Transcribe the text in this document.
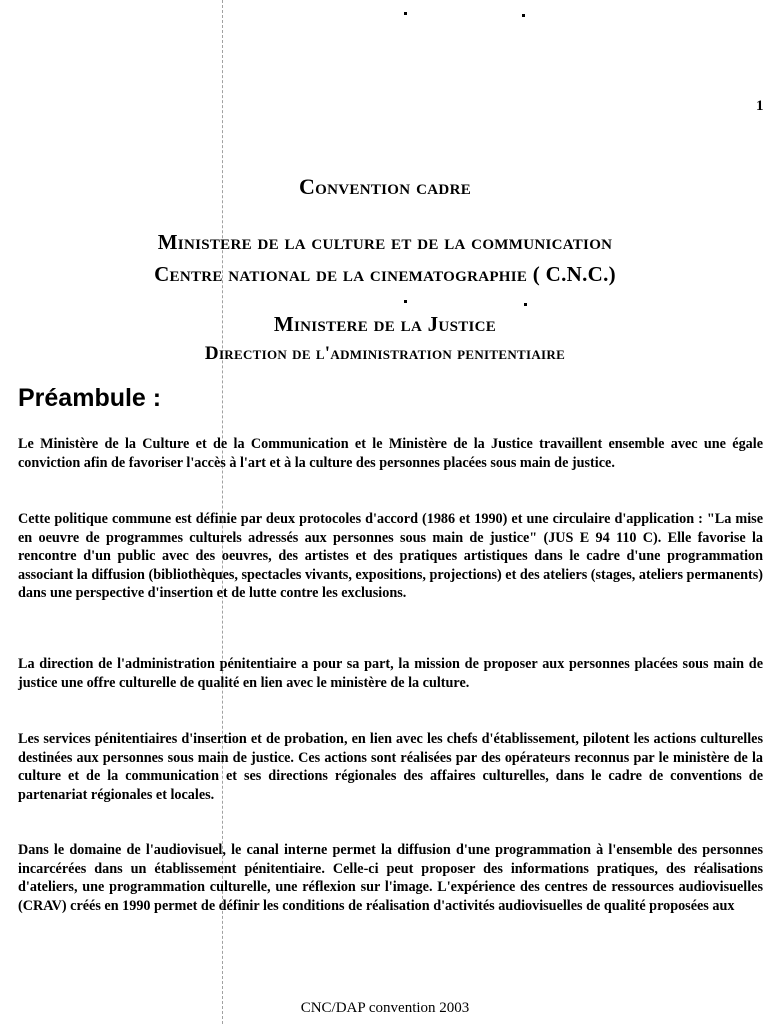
1
Convention cadre
Ministere de la culture et de la communication
Centre national de la cinematographie ( C.N.C.)
Ministere de la Justice
Direction de l'administration penitentiaire
Préambule :

Le Ministère de la Culture et de la Communication et le Ministère de la Justice travaillent ensemble avec une égale conviction afin de favoriser l'accès à l'art et à la culture des personnes placées sous main de justice.

Cette politique commune est définie par deux protocoles d'accord (1986 et 1990) et une circulaire d'application : "La mise en oeuvre de programmes culturels adressés aux personnes sous main de justice" (JUS E 94 110 C). Elle favorise la rencontre d'un public avec des oeuvres, des artistes et des pratiques artistiques dans le cadre d'une programmation associant la diffusion (bibliothèques, spectacles vivants, expositions, projections) et des ateliers (stages, ateliers permanents) dans une perspective d'insertion et de lutte contre les exclusions.

La direction de l'administration pénitentiaire a pour sa part, la mission de proposer aux personnes placées sous main de justice une offre culturelle de qualité en lien avec le ministère de la culture.

Les services pénitentiaires d'insertion et de probation, en lien avec les chefs d'établissement, pilotent les actions culturelles destinées aux personnes sous main de justice. Ces actions sont réalisées par des opérateurs reconnus par le ministère de la culture et de la communication et ses directions régionales des affaires culturelles, dans le cadre de conventions de partenariat régionales et locales.

Dans le domaine de l'audiovisuel, le canal interne permet la diffusion d'une programmation à l'ensemble des personnes incarcérées dans un établissement pénitentiaire. Celle-ci peut proposer des informations pratiques, des réalisations d'ateliers, une programmation culturelle, une réflexion sur l'image. L'expérience des centres de ressources audiovisuelles (CRAV) créés en 1990 permet de définir les conditions de réalisation d'activités audiovisuelles de qualité proposées aux

CNC/DAP convention 2003
